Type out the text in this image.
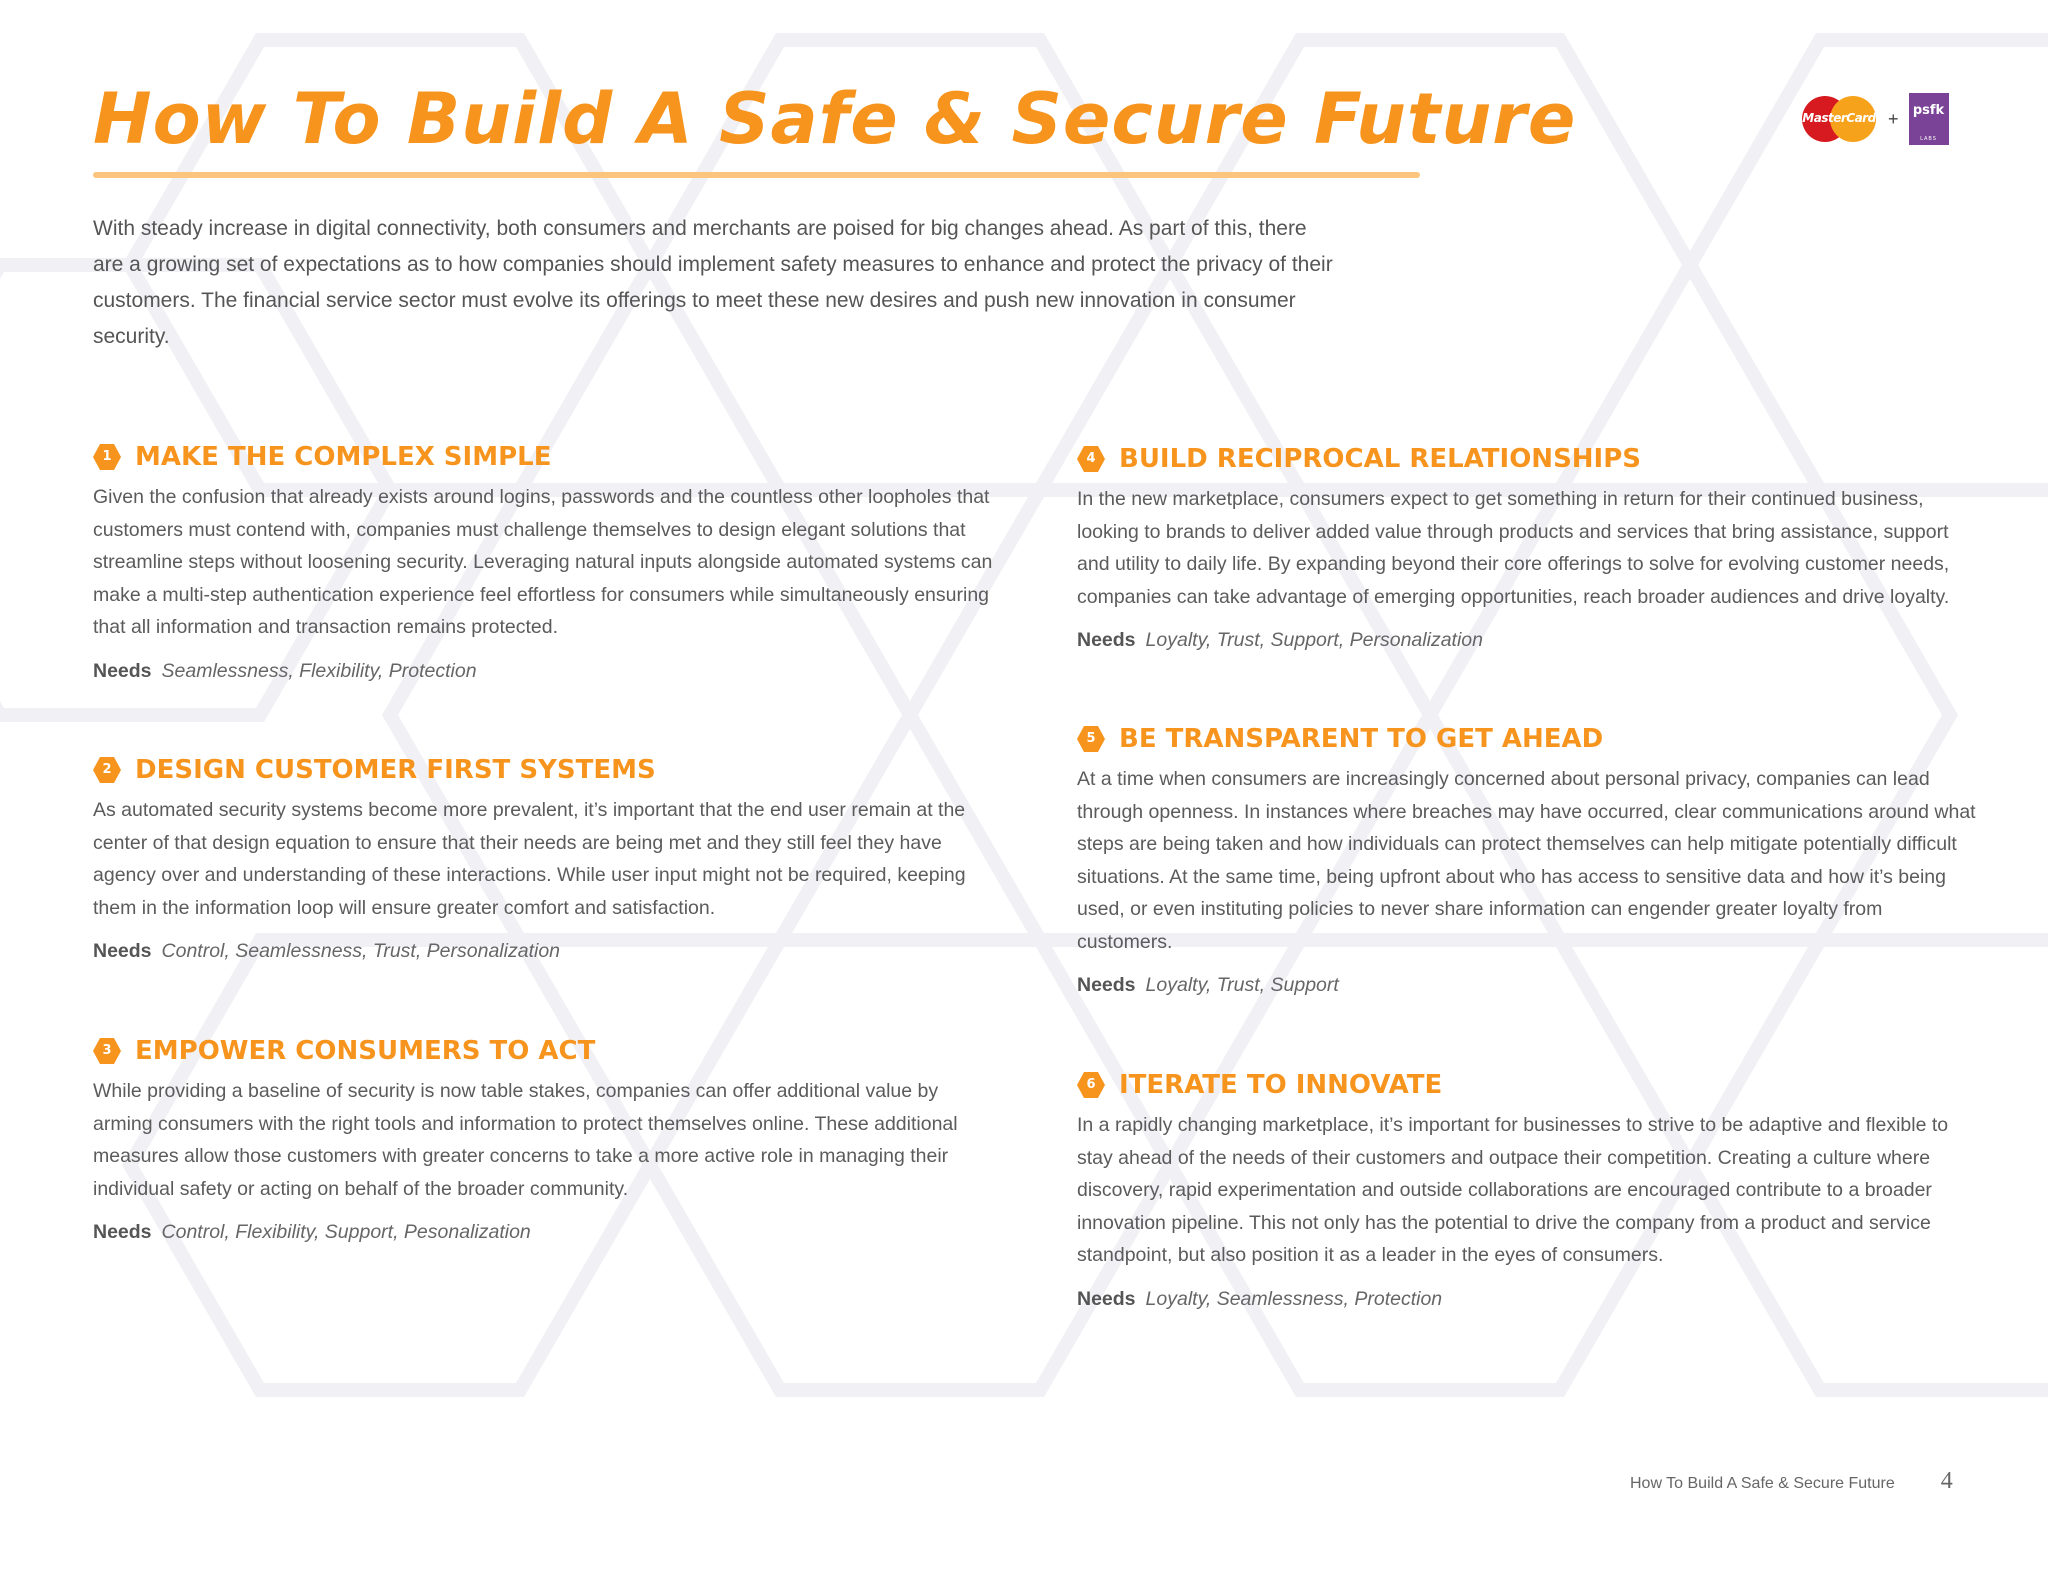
How To Build A Safe & Secure Future	MasterCard +	psfk
LABS

With steady increase in digital connectivity, both consumers and merchants are poised for big changes ahead. As part of this, there are a growing set of expectations as to how companies should implement safety measures to enhance and protect the privacy of their customers. The financial service sector must evolve its offerings to meet these new desires and push new innovation in consumer security.

1 MAKE THE COMPLEX SIMPLE

Given the confusion that already exists around logins, passwords and the countless other loopholes that customers must contend with, companies must challenge themselves to design elegant solutions that streamline steps without loosening security. Leveraging natural inputs alongside automated systems can make a multi-step authentication experience feel effortless for consumers while simultaneously ensuring that all information and transaction remains protected.

Needs Seamlessness, Flexibility, Protection
2 DESIGN CUSTOMER FIRST SYSTEMS

As automated security systems become more prevalent, it’s important that the end user remain at the center of that design equation to ensure that their needs are being met and they still feel they have agency over and understanding of these interactions. While user input might not be required, keeping them in the information loop will ensure greater comfort and satisfaction.

Needs Control, Seamlessness, Trust, Personalization
3 EMPOWER CONSUMERS TO ACT

While providing a baseline of security is now table stakes, companies can offer additional value by arming consumers with the right tools and information to protect themselves online. These additional measures allow those customers with greater concerns to take a more active role in managing their individual safety or acting on behalf of the broader community.

Needs Control, Flexibility, Support, Pesonalization
4 BUILD RECIPROCAL RELATIONSHIPS

In the new marketplace, consumers expect to get something in return for their continued business, looking to brands to deliver added value through products and services that bring assistance, support and utility to daily life. By expanding beyond their core offerings to solve for evolving customer needs, companies can take advantage of emerging opportunities, reach broader audiences and drive loyalty.

Needs Loyalty, Trust, Support, Personalization
5 BE TRANSPARENT TO GET AHEAD

At a time when consumers are increasingly concerned about personal privacy, companies can lead through openness. In instances where breaches may have occurred, clear communications around what steps are being taken and how individuals can protect themselves can help mitigate potentially difficult situations. At the same time, being upfront about who has access to sensitive data and how it’s being used, or even instituting policies to never share information can engender greater loyalty from customers.

Needs Loyalty, Trust, Support
6 ITERATE TO INNOVATE

In a rapidly changing marketplace, it’s important for businesses to strive to be adaptive and flexible to stay ahead of the needs of their customers and outpace their competition. Creating a culture where discovery, rapid experimentation and outside collaborations are encouraged contribute to a broader innovation pipeline. This not only has the potential to drive the company from a product and service standpoint, but also position it as a leader in the eyes of consumers.

Needs Loyalty, Seamlessness, Protection
How To Build A Safe & Secure Future 4
